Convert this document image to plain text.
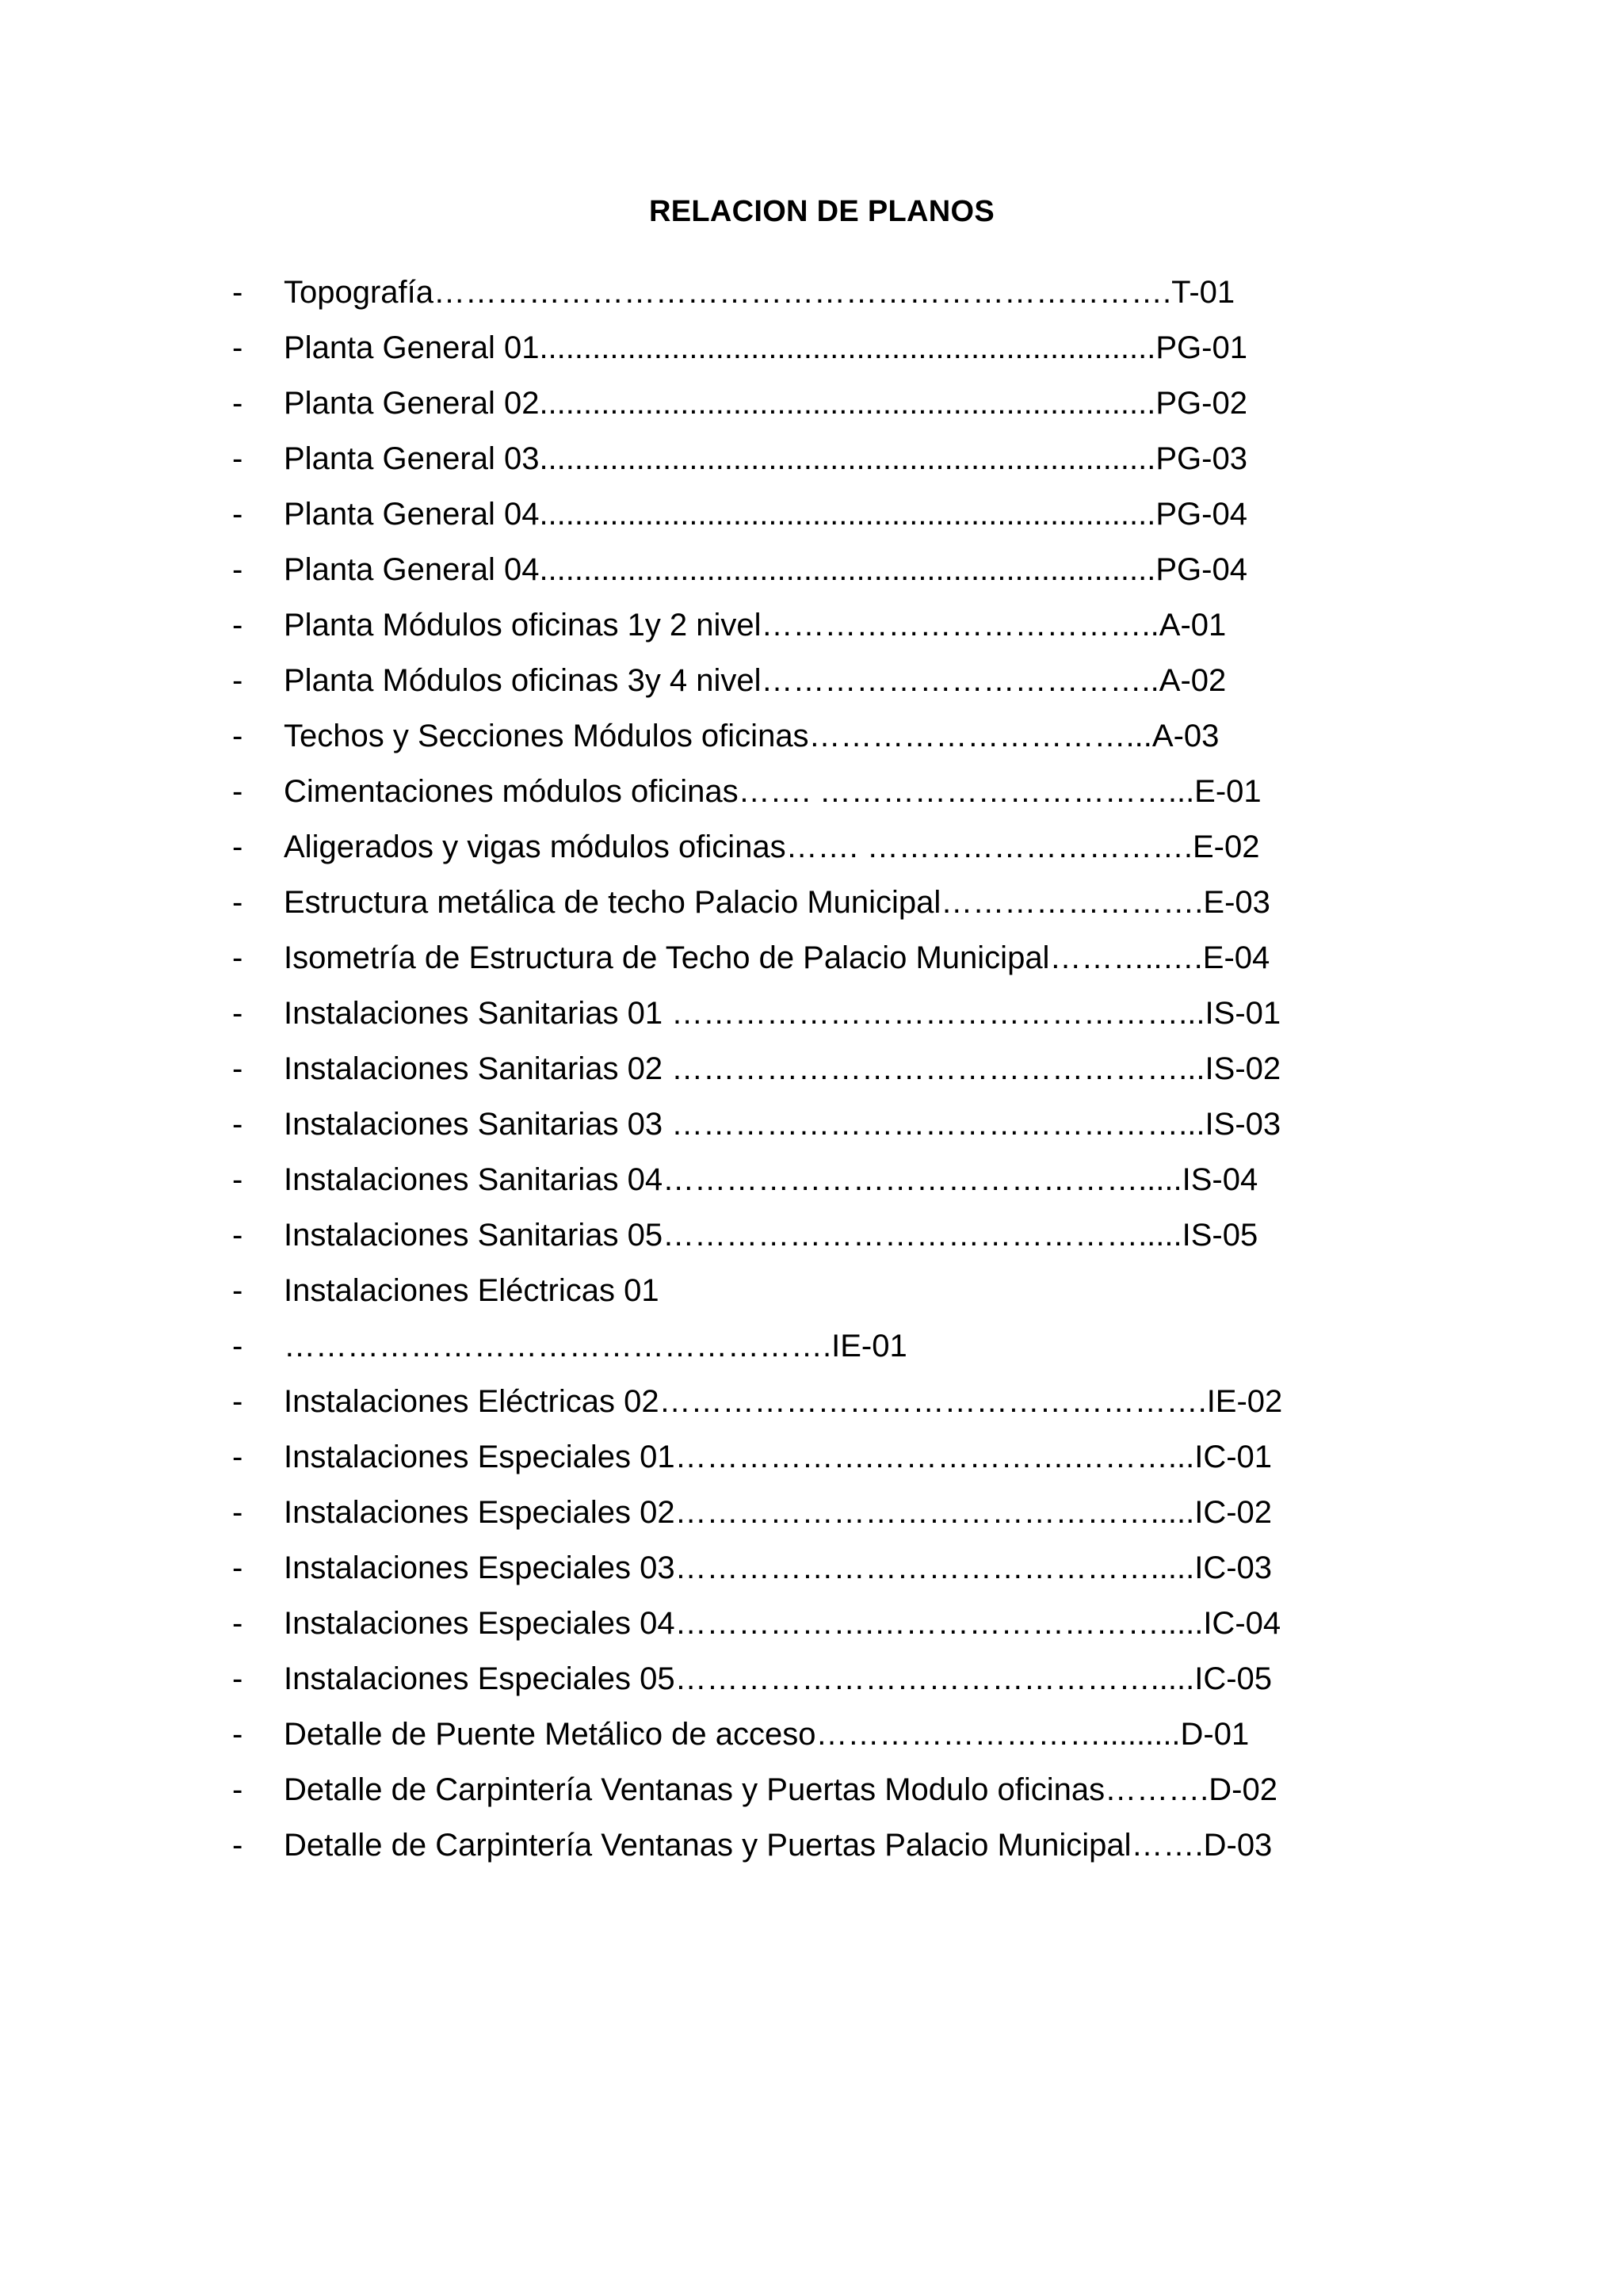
RELACION DE PLANOS
- Topografía…………………………………………………………….T-01
- Planta General 01......................................................................PG-01
- Planta General 02......................................................................PG-02
- Planta General 03......................................................................PG-03
- Planta General 04......................................................................PG-04
- Planta General 04......................................................................PG-04
- Planta Módulos oficinas 1y 2 nivel………………………………..A-01
- Planta Módulos oficinas 3y 4 nivel………………………………..A-02
- Techos y Secciones Módulos oficinas…………………………...A-03
- Cimentaciones módulos oficinas……. ……………………………...E-01
- Aligerados y vigas módulos oficinas……. ………………………….E-02
- Estructura metálica de techo Palacio Municipal…………………….E-03
- Isometría de Estructura de Techo de Palacio Municipal………..….E-04
- Instalaciones Sanitarias 01 …………………………………………...IS-01
- Instalaciones Sanitarias 02 …………………………………………...IS-02
- Instalaciones Sanitarias 03 …………………………………………...IS-03
- Instalaciones Sanitarias 04……………………………………….....IS-04
- Instalaciones Sanitarias 05……………………………………….....IS-05
- Instalaciones Eléctricas 01
- …………………………………………….IE-01
- Instalaciones Eléctricas 02…………………………………………….IE-02
- Instalaciones Especiales 01……………….……………….………...IC-01
- Instalaciones Especiales 02……………………………………….....IC-02
- Instalaciones Especiales 03……………………………………….....IC-03
- Instalaciones Especiales 04……………….……………………….....IC-04
- Instalaciones Especiales 05……………………………………….....IC-05
- Detalle de Puente Metálico de acceso……………………….........D-01
- Detalle de Carpintería Ventanas y Puertas Modulo oficinas……….D-02
- Detalle de Carpintería Ventanas y Puertas Palacio Municipal…….D-03
